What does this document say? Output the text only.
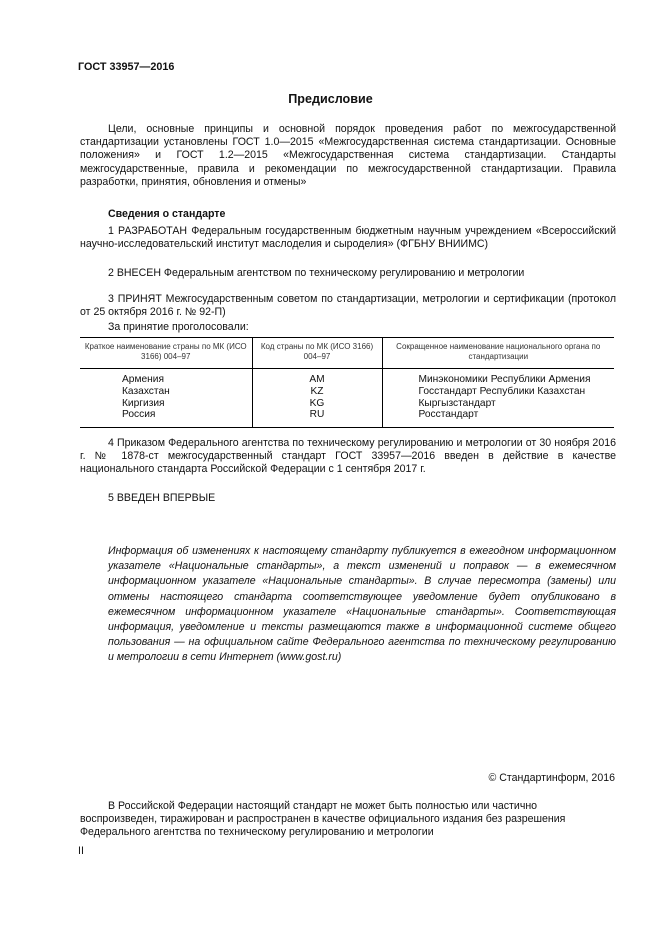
ГОСТ 33957—2016
Предисловие
Цели, основные принципы и основной порядок проведения работ по межгосударственной стандартизации установлены ГОСТ 1.0—2015 «Межгосударственная система стандартизации. Основные положения» и ГОСТ 1.2—2015 «Межгосударственная система стандартизации. Стандарты межгосударственные, правила и рекомендации по межгосударственной стандартизации. Правила разработки, принятия, обновления и отмены»
Сведения о стандарте
1 РАЗРАБОТАН Федеральным государственным бюджетным научным учреждением «Всероссийский научно-исследовательский институт маслоделия и сыроделия» (ФГБНУ ВНИИМС)
2 ВНЕСЕН Федеральным агентством по техническому регулированию и метрологии
3 ПРИНЯТ Межгосударственным советом по стандартизации, метрологии и сертификации (протокол от 25 октября 2016 г. № 92-П)
За принятие проголосовали:
Краткое наименование страны по МК (ИСО 3166) 004–97	Код страны по МК (ИСО 3166) 004–97	Сокращенное наименование национального органа по стандартизации
Армения	AM	Минэкономики Республики Армения
Казахстан	KZ	Госстандарт Республики Казахстан
Киргизия	KG	Кыргызстандарт
Россия	RU	Росстандарт
4 Приказом Федерального агентства по техническому регулированию и метрологии от 30 ноября 2016 г. № 1878-ст межгосударственный стандарт ГОСТ 33957—2016 введен в действие в качестве национального стандарта Российской Федерации с 1 сентября 2017 г.
5 ВВЕДЕН ВПЕРВЫЕ
Информация об изменениях к настоящему стандарту публикуется в ежегодном информационном указателе «Национальные стандарты», а текст изменений и поправок — в ежемесячном информационном указателе «Национальные стандарты». В случае пересмотра (замены) или отмены настоящего стандарта соответствующее уведомление будет опубликовано в ежемесячном информационном указателе «Национальные стандарты». Соответствующая информация, уведомление и тексты размещаются также в информационной системе общего пользования — на официальном сайте Федерального агентства по техническому регулированию и метрологии в сети Интернет (www.gost.ru)
© Стандартинформ, 2016
В Российской Федерации настоящий стандарт не может быть полностью или частично воспроизведен, тиражирован и распространен в качестве официального издания без разрешения Федерального агентства по техническому регулированию и метрологии
II
